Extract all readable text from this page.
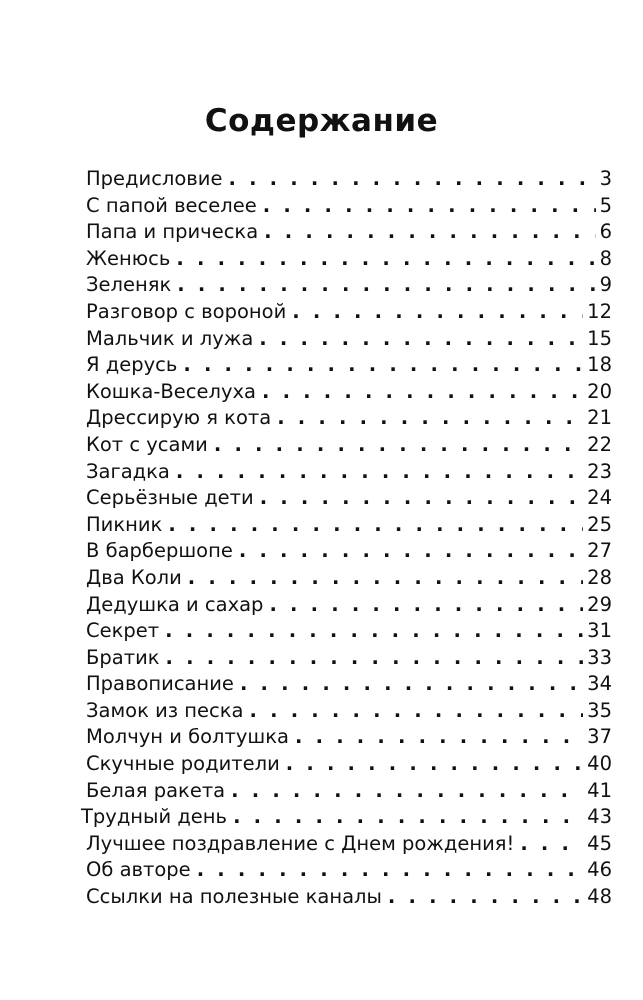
Содержание
Предисловие . . .	3
С папой веселее . . .	5
Папа и прическа . . .	6
Женюсь . . .	8
Зеленяк . . .	9
Разговор с вороной . . .	12
Мальчик и лужа . . .	15
Я дерусь . . .	18
Кошка-Веселуха . . .	20
Дрессирую я кота . . .	21
Кот с усами . . .	22
Загадка . . .	23
Серьёзные дети . . .	24
Пикник . . .	25
В барбершопе . . .	27
Два Коли . . .	28
Дедушка и сахар . . .	29
Секрет . . .	31
Братик . . .	33
Правописание . . .	34
Замок из песка . . .	35
Молчун и болтушка . . .	37
Скучные родители . . .	40
Белая ракета . . .	41
Трудный день . . .	43
Лучшее поздравление с Днем рождения! . . .	45
Об авторе . . .	46
Ссылки на полезные каналы . . .	48
